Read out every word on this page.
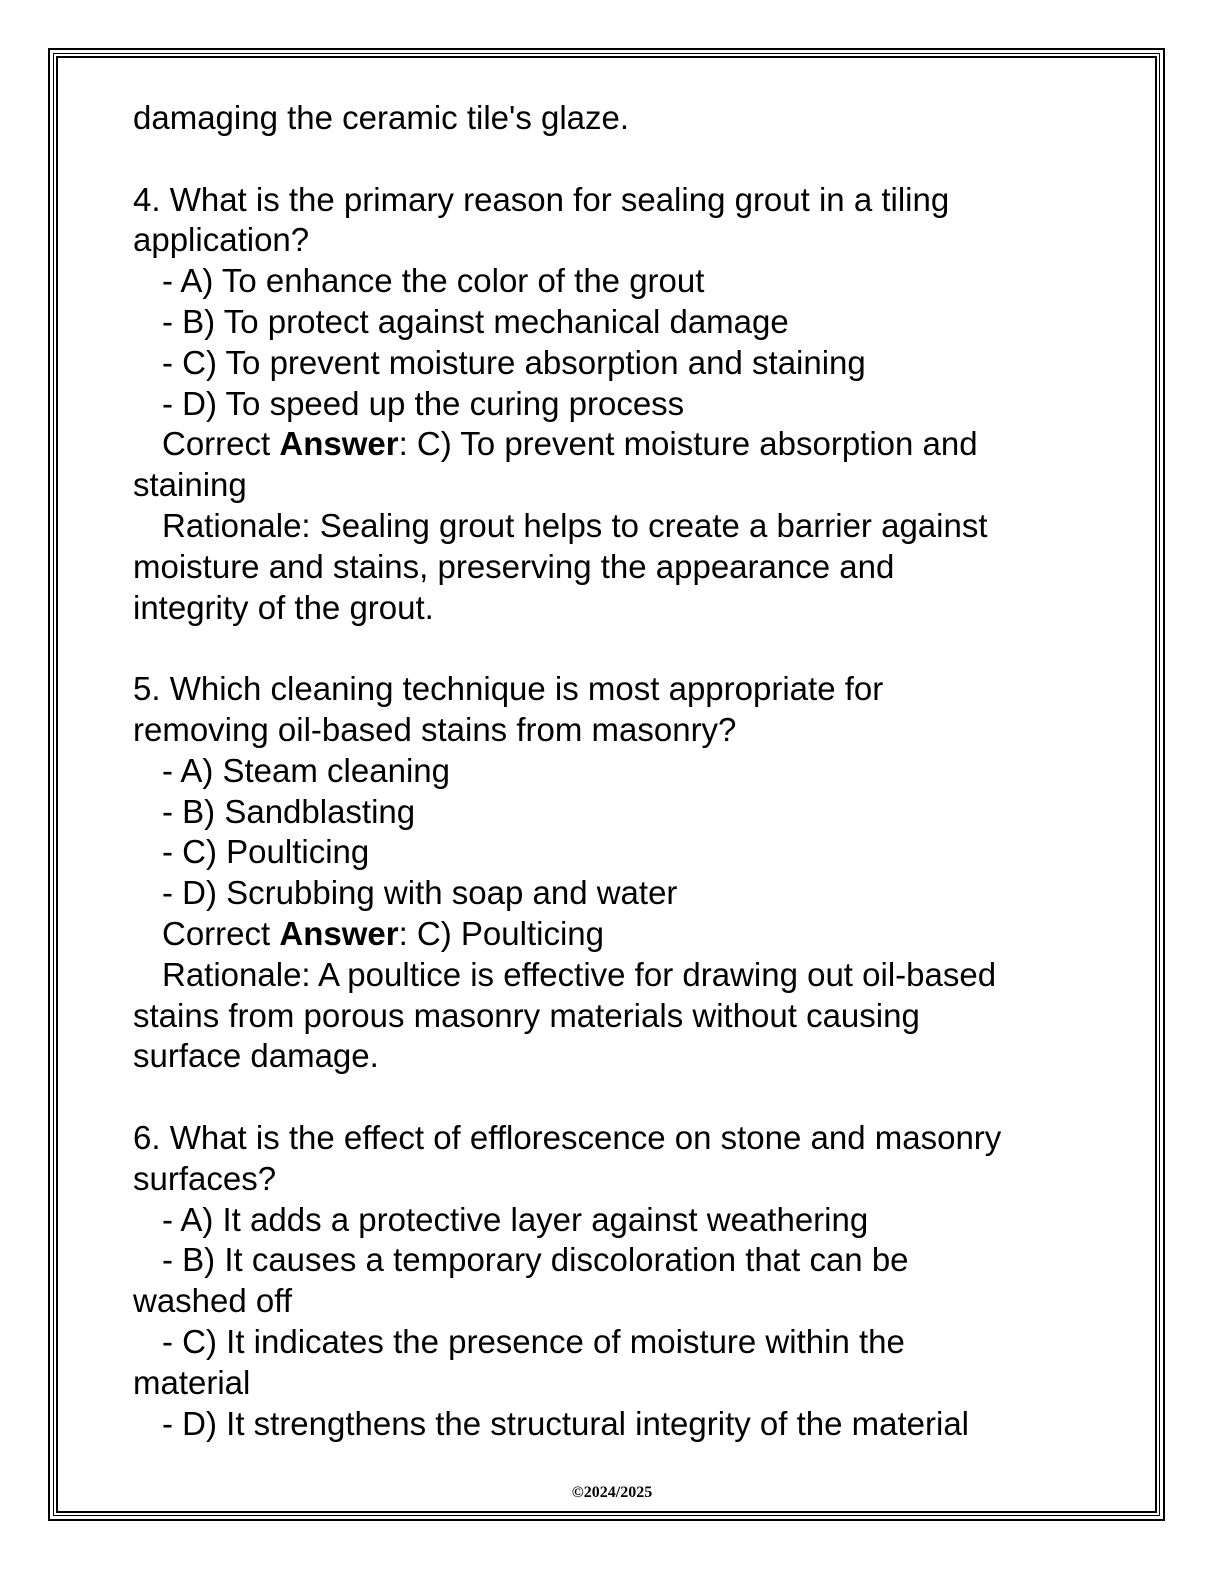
damaging the ceramic tile's glaze.
4. What is the primary reason for sealing grout in a tiling
application?
- A) To enhance the color of the grout
- B) To protect against mechanical damage
- C) To prevent moisture absorption and staining
- D) To speed up the curing process
Correct Answer: C) To prevent moisture absorption and
staining
Rationale: Sealing grout helps to create a barrier against
moisture and stains, preserving the appearance and
integrity of the grout.
5. Which cleaning technique is most appropriate for
removing oil-based stains from masonry?
- A) Steam cleaning
- B) Sandblasting
- C) Poulticing
- D) Scrubbing with soap and water
Correct Answer: C) Poulticing
Rationale: A poultice is effective for drawing out oil-based
stains from porous masonry materials without causing
surface damage.
6. What is the effect of efflorescence on stone and masonry
surfaces?
- A) It adds a protective layer against weathering
- B) It causes a temporary discoloration that can be
washed off
- C) It indicates the presence of moisture within the
material
- D) It strengthens the structural integrity of the material
©2024/2025
